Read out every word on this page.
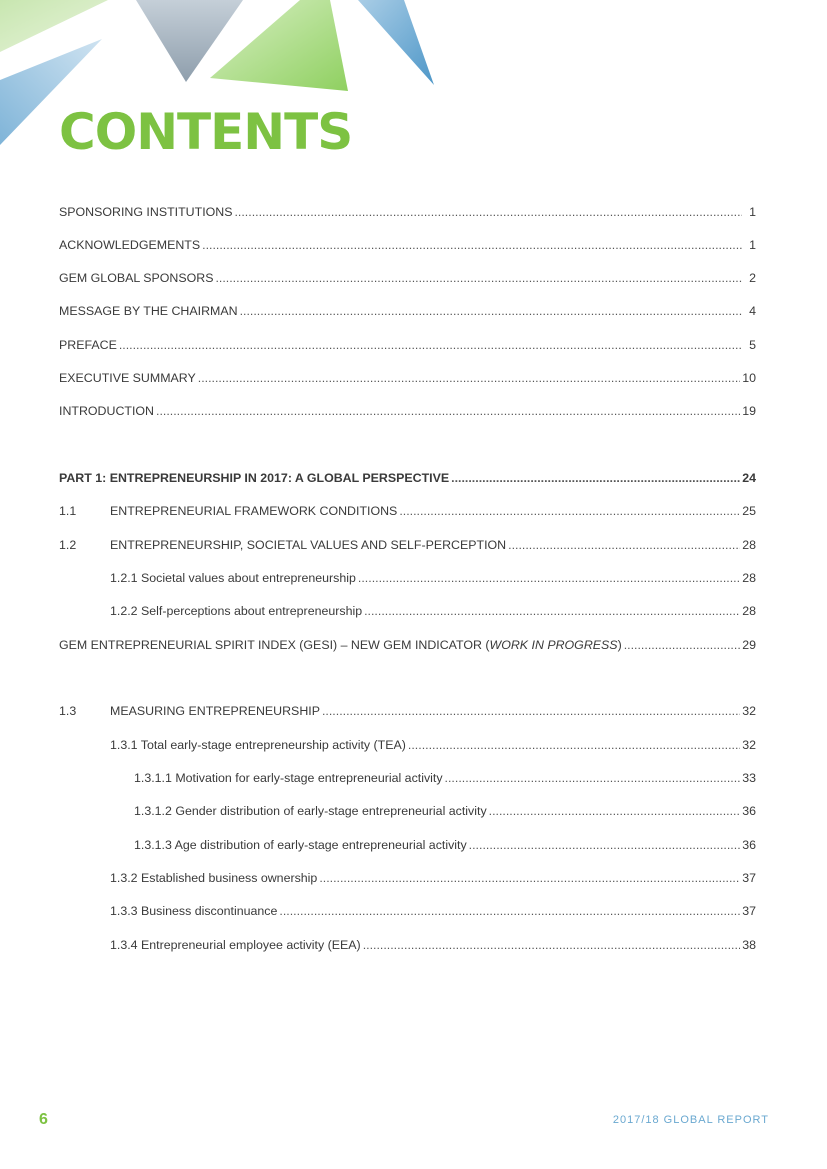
CONTENTS
SPONSORING INSTITUTIONS .....	1
ACKNOWLEDGEMENTS .....	1
GEM GLOBAL SPONSORS .....	2
MESSAGE BY THE CHAIRMAN .....	4
PREFACE .....	5
EXECUTIVE SUMMARY .....	10
INTRODUCTION .....	19
PART 1: ENTREPRENEURSHIP IN 2017: A GLOBAL PERSPECTIVE .....	24
1.1	ENTREPRENEURIAL FRAMEWORK CONDITIONS .....	25
1.2	ENTREPRENEURSHIP, SOCIETAL VALUES AND SELF-PERCEPTION .....	28
1.2.1 Societal values about entrepreneurship .....	28
1.2.2 Self-perceptions about entrepreneurship .....	28
GEM ENTREPRENEURIAL SPIRIT INDEX (GESI) – NEW GEM INDICATOR (WORK IN PROGRESS) .....	29
1.3	MEASURING ENTREPRENEURSHIP .....	32
1.3.1 Total early-stage entrepreneurship activity (TEA) .....	32
1.3.1.1 Motivation for early-stage entrepreneurial activity .....	33
1.3.1.2 Gender distribution of early-stage entrepreneurial activity .....	36
1.3.1.3 Age distribution of early-stage entrepreneurial activity .....	36
1.3.2 Established business ownership .....	37
1.3.3 Business discontinuance .....	37
1.3.4 Entrepreneurial employee activity (EEA) .....	38
6	2017/18 GLOBAL REPORT
